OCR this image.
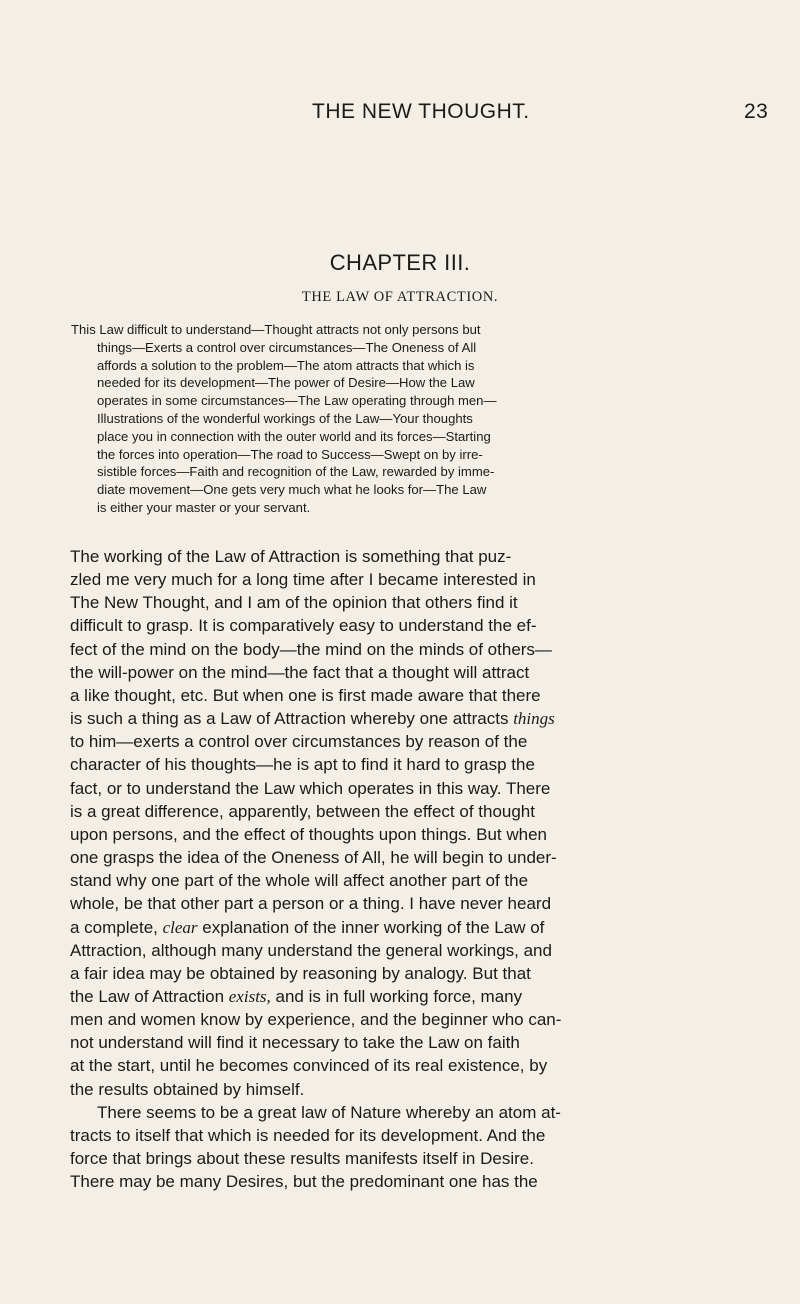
THE NEW THOUGHT.	23
CHAPTER III.
THE LAW OF ATTRACTION.
This Law difficult to understand—Thought attracts not only persons but
things—Exerts a control over circumstances—The Oneness of All
affords a solution to the problem—The atom attracts that which is
needed for its development—The power of Desire—How the Law
operates in some circumstances—The Law operating through men—
Illustrations of the wonderful workings of the Law—Your thoughts
place you in connection with the outer world and its forces—Starting
the forces into operation—The road to Success—Swept on by irre-
sistible forces—Faith and recognition of the Law, rewarded by imme-
diate movement—One gets very much what he looks for—The Law
is either your master or your servant.
The working of the Law of Attraction is something that puz-
zled me very much for a long time after I became interested in
The New Thought, and I am of the opinion that others find it
difficult to grasp. It is comparatively easy to understand the ef-
fect of the mind on the body—the mind on the minds of others—
the will-power on the mind—the fact that a thought will attract
a like thought, etc. But when one is first made aware that there
is such a thing as a Law of Attraction whereby one attracts things
to him—exerts a control over circumstances by reason of the
character of his thoughts—he is apt to find it hard to grasp the
fact, or to understand the Law which operates in this way. There
is a great difference, apparently, between the effect of thought
upon persons, and the effect of thoughts upon things. But when
one grasps the idea of the Oneness of All, he will begin to under-
stand why one part of the whole will affect another part of the
whole, be that other part a person or a thing. I have never heard
a complete, clear explanation of the inner working of the Law of
Attraction, although many understand the general workings, and
a fair idea may be obtained by reasoning by analogy. But that
the Law of Attraction exists, and is in full working force, many
men and women know by experience, and the beginner who can-
not understand will find it necessary to take the Law on faith
at the start, until he becomes convinced of its real existence, by
the results obtained by himself.
There seems to be a great law of Nature whereby an atom at-
tracts to itself that which is needed for its development. And the
force that brings about these results manifests itself in Desire.
There may be many Desires, but the predominant one has the
